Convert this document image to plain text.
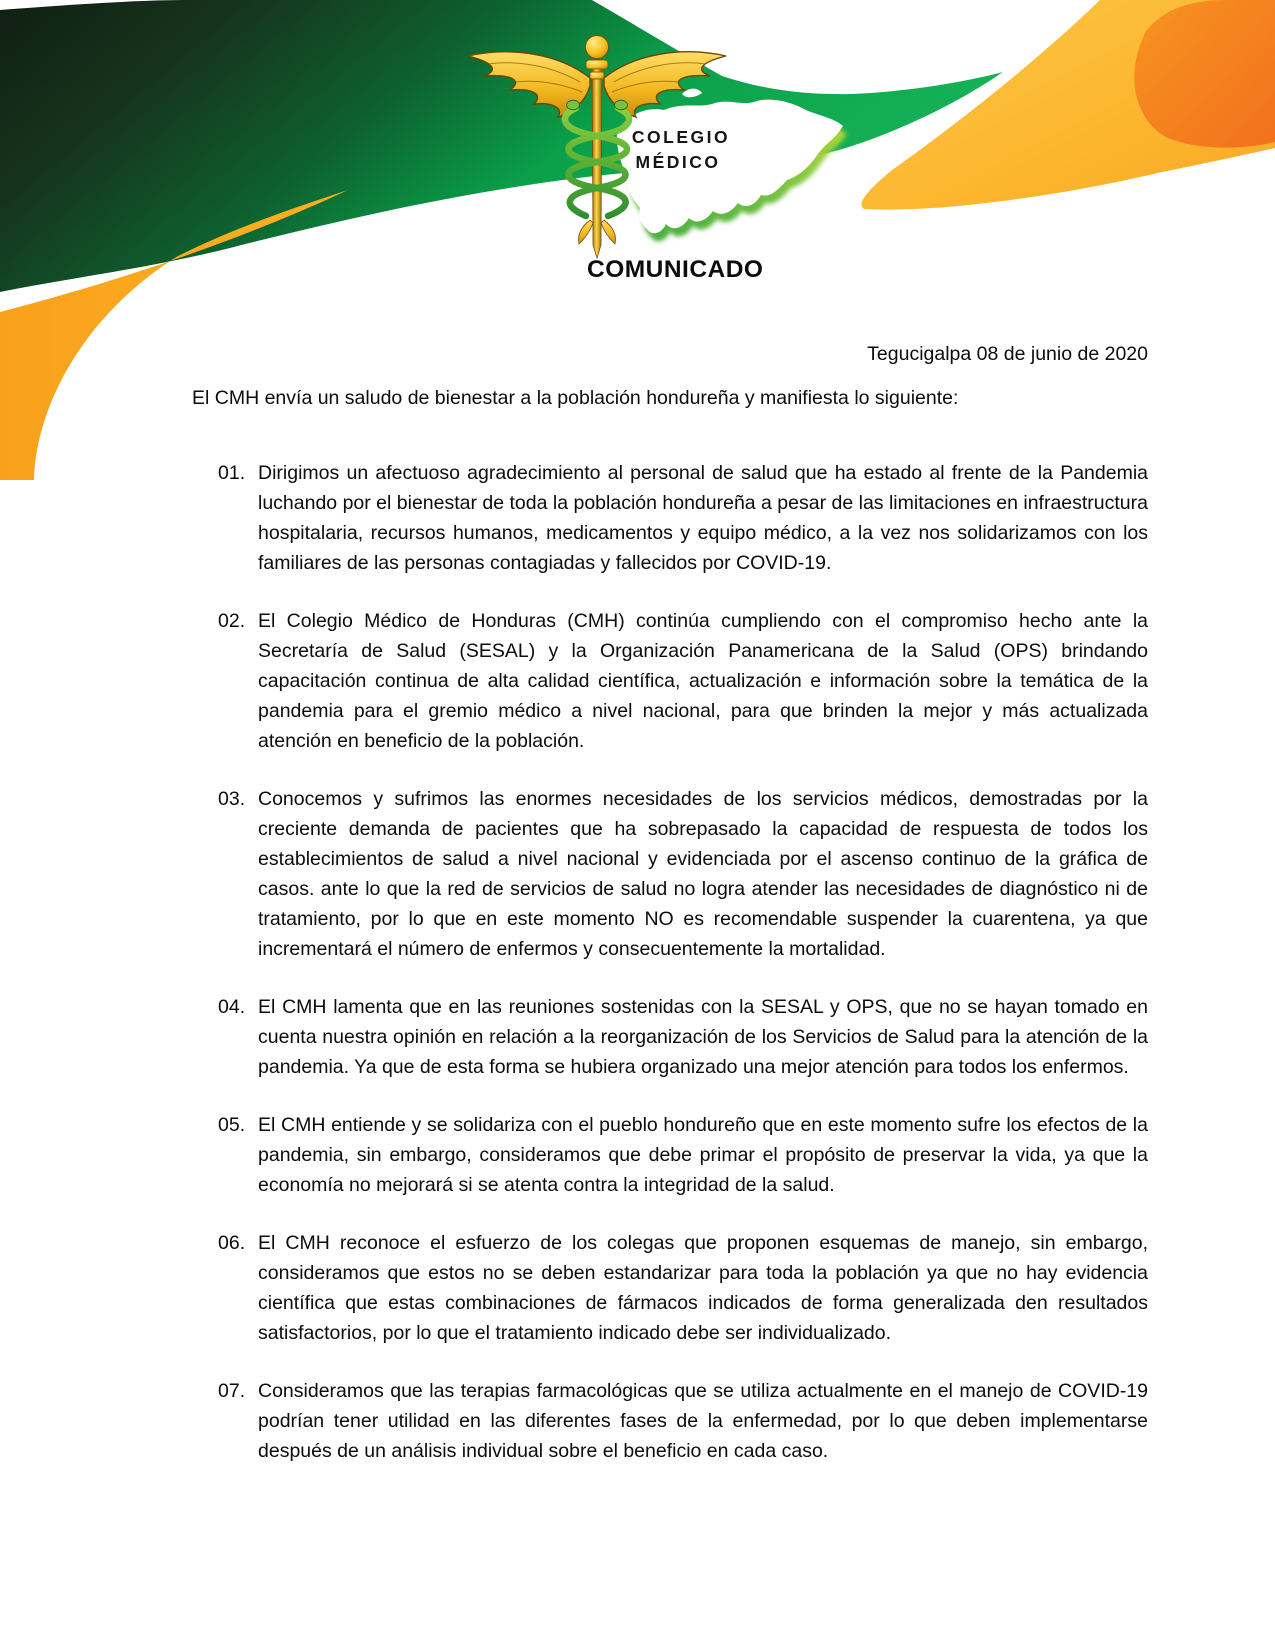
COLEGIO
MÉDICO
COMUNICADO
Tegucigalpa 08 de junio de 2020

El CMH envía un saludo de bienestar a la población hondureña y manifiesta lo siguiente:

01. Dirigimos un afectuoso agradecimiento al personal de salud que ha estado al frente de la Pandemia luchando por el bienestar de toda la población hondureña a pesar de las limitaciones en infraestructura hospitalaria, recursos humanos, medicamentos y equipo médico, a la vez nos solidarizamos con los familiares de las personas contagiadas y fallecidos por COVID-19.
02. El Colegio Médico de Honduras (CMH) continúa cumpliendo con el compromiso hecho ante la Secretaría de Salud (SESAL) y la Organización Panamericana de la Salud (OPS) brindando capacitación continua de alta calidad científica, actualización e información sobre la temática de la pandemia para el gremio médico a nivel nacional, para que brinden la mejor y más actualizada atención en beneficio de la población.
03. Conocemos y sufrimos las enormes necesidades de los servicios médicos, demostradas por la creciente demanda de pacientes que ha sobrepasado la capacidad de respuesta de todos los establecimientos de salud a nivel nacional y evidenciada por el ascenso continuo de la gráfica de casos. ante lo que la red de servicios de salud no logra atender las necesidades de diagnóstico ni de tratamiento, por lo que en este momento NO es recomendable suspender la cuarentena, ya que incrementará el número de enfermos y consecuentemente la mortalidad.
04. El CMH lamenta que en las reuniones sostenidas con la SESAL y OPS, que no se hayan tomado en cuenta nuestra opinión en relación a la reorganización de los Servicios de Salud para la atención de la pandemia. Ya que de esta forma se hubiera organizado una mejor atención para todos los enfermos.
05. El CMH entiende y se solidariza con el pueblo hondureño que en este momento sufre los efectos de la pandemia, sin embargo, consideramos que debe primar el propósito de preservar la vida, ya que la economía no mejorará si se atenta contra la integridad de la salud.
06. El CMH reconoce el esfuerzo de los colegas que proponen esquemas de manejo, sin embargo, consideramos que estos no se deben estandarizar para toda la población ya que no hay evidencia científica que estas combinaciones de fármacos indicados de forma generalizada den resultados satisfactorios, por lo que el tratamiento indicado debe ser individualizado.
07. Consideramos que las terapias farmacológicas que se utiliza actualmente en el manejo de COVID-19 podrían tener utilidad en las diferentes fases de la enfermedad, por lo que deben implementarse después de un análisis individual sobre el beneficio en cada caso.
